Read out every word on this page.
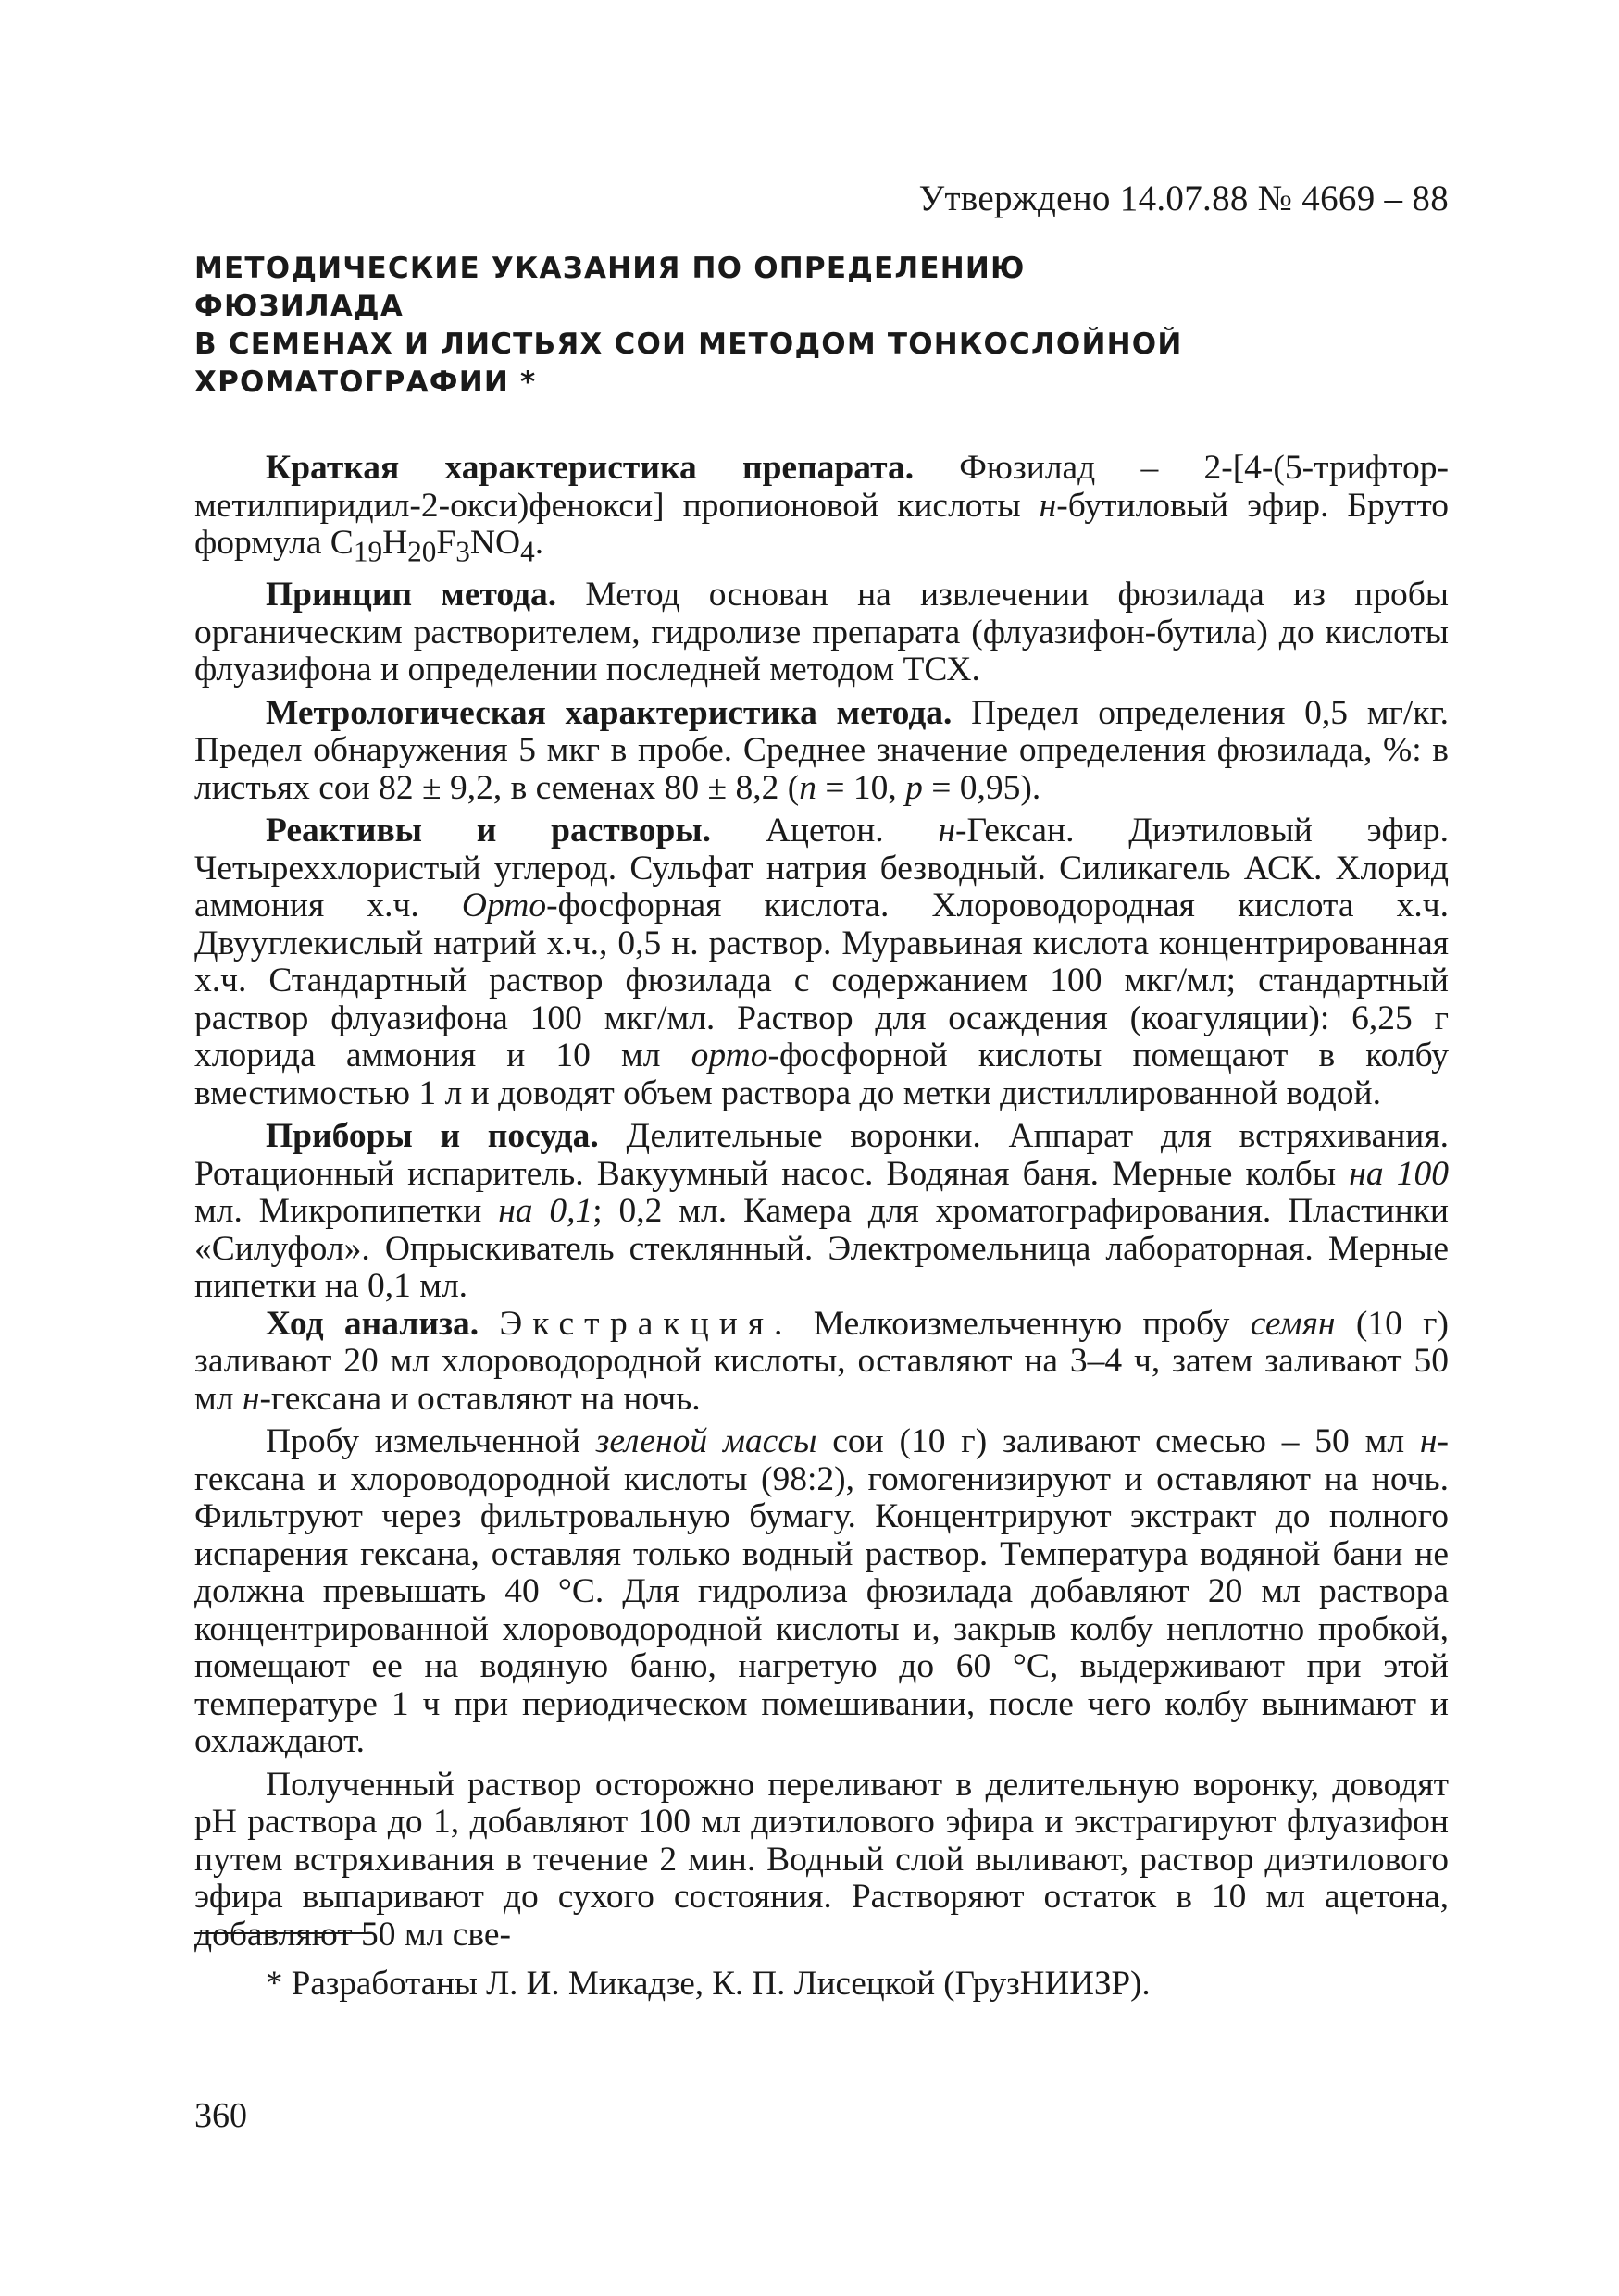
Утверждено 14.07.88 № 4669 – 88
МЕТОДИЧЕСКИЕ УКАЗАНИЯ ПО ОПРЕДЕЛЕНИЮ ФЮЗИЛАДА
В СЕМЕНАХ И ЛИСТЬЯХ СОИ МЕТОДОМ ТОНКОСЛОЙНОЙ
ХРОМАТОГРАФИИ *

Краткая характеристика препарата. Фюзилад – 2-[4-(5-трифтор-метилпиридил-2-окси)фенокси] пропионовой кислоты н-бутиловый эфир. Брутто формула $C_{19}H_{20}F_3NO_4$.

Принцип метода. Метод основан на извлечении фюзилада из пробы органическим растворителем, гидролизе препарата (флуазифон-бутила) до кислоты флуазифона и определении последней методом ТСХ.

Метрологическая характеристика метода. Предел определения 0,5 мг/кг. Предел обнаружения 5 мкг в пробе. Среднее значение определения фюзилада, %: в листьях сои 82 ± 9,2, в семенах 80 ± 8,2 (n = 10, p = 0,95).

Реактивы и растворы. Ацетон. н-Гексан. Диэтиловый эфир. Четыреххлористый углерод. Сульфат натрия безводный. Силикагель АСК. Хлорид аммония х.ч. Орто-фосфорная кислота. Хлороводородная кислота х.ч. Двууглекислый натрий х.ч., 0,5 н. раствор. Муравьиная кислота концентрированная х.ч. Стандартный раствор фюзилада с содержанием 100 мкг/мл; стандартный раствор флуазифона 100 мкг/мл. Раствор для осаждения (коагуляции): 6,25 г хлорида аммония и 10 мл орто-фосфорной кислоты помещают в колбу вместимостью 1 л и доводят объем раствора до метки дистиллированной водой.

Приборы и посуда. Делительные воронки. Аппарат для встряхивания. Ротационный испаритель. Вакуумный насос. Водяная баня. Мерные колбы на 100 мл. Микропипетки на 0,1; 0,2 мл. Камера для хроматографирования. Пластинки «Силуфол». Опрыскиватель стеклянный. Электромельница лабораторная. Мерные пипетки на 0,1 мл.

Ход анализа. Экстракция. Мелкоизмельченную пробу семян (10 г) заливают 20 мл хлороводородной кислоты, оставляют на 3–4 ч, затем заливают 50 мл н-гексана и оставляют на ночь.

Пробу измельченной зеленой массы сои (10 г) заливают смесью – 50 мл н-гексана и хлороводородной кислоты (98:2), гомогенизируют и оставляют на ночь. Фильтруют через фильтровальную бумагу. Концентрируют экстракт до полного испарения гексана, оставляя только водный раствор. Температура водяной бани не должна превышать 40 °С. Для гидролиза фюзилада добавляют 20 мл раствора концентрированной хлороводородной кислоты и, закрыв колбу неплотно пробкой, помещают ее на водяную баню, нагретую до 60 °С, выдерживают при этой температуре 1 ч при периодическом помешивании, после чего колбу вынимают и охлаждают.

Полученный раствор осторожно переливают в делительную воронку, доводят рН раствора до 1, добавляют 100 мл диэтилового эфира и экстрагируют флуазифон путем встряхивания в течение 2 мин. Водный слой выливают, раствор диэтилового эфира выпаривают до сухого состояния. Растворяют остаток в 10 мл ацетона, добавляют 50 мл све-

* Разработаны Л. И. Микадзе, К. П. Лисецкой (ГрузНИИЗР).

360
